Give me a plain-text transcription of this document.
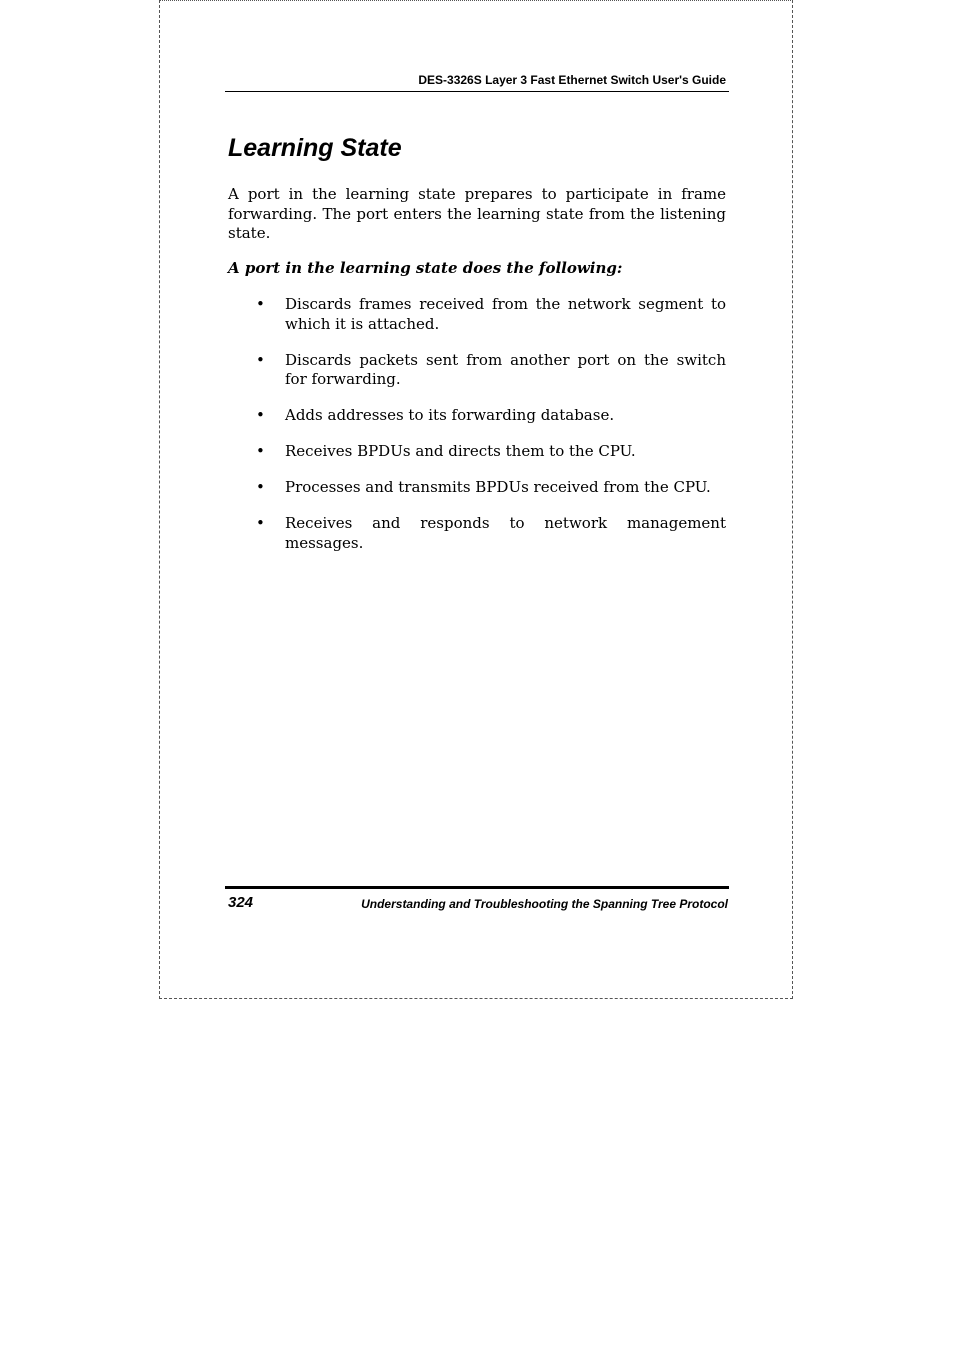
DES-3326S Layer 3 Fast Ethernet Switch User's Guide
Learning State

A port in the learning state prepares to participate in frame forwarding. The port enters the learning state from the listening state.

A port in the learning state does the following:

• Discards frames received from the network segment to which it is attached.
• Discards packets sent from another port on the switch for forwarding.
• Adds addresses to its forwarding database.
• Receives BPDUs and directs them to the CPU.
• Processes and transmits BPDUs received from the CPU.
• Receives and responds to network management messages.
324	Understanding and Troubleshooting the Spanning Tree Protocol
